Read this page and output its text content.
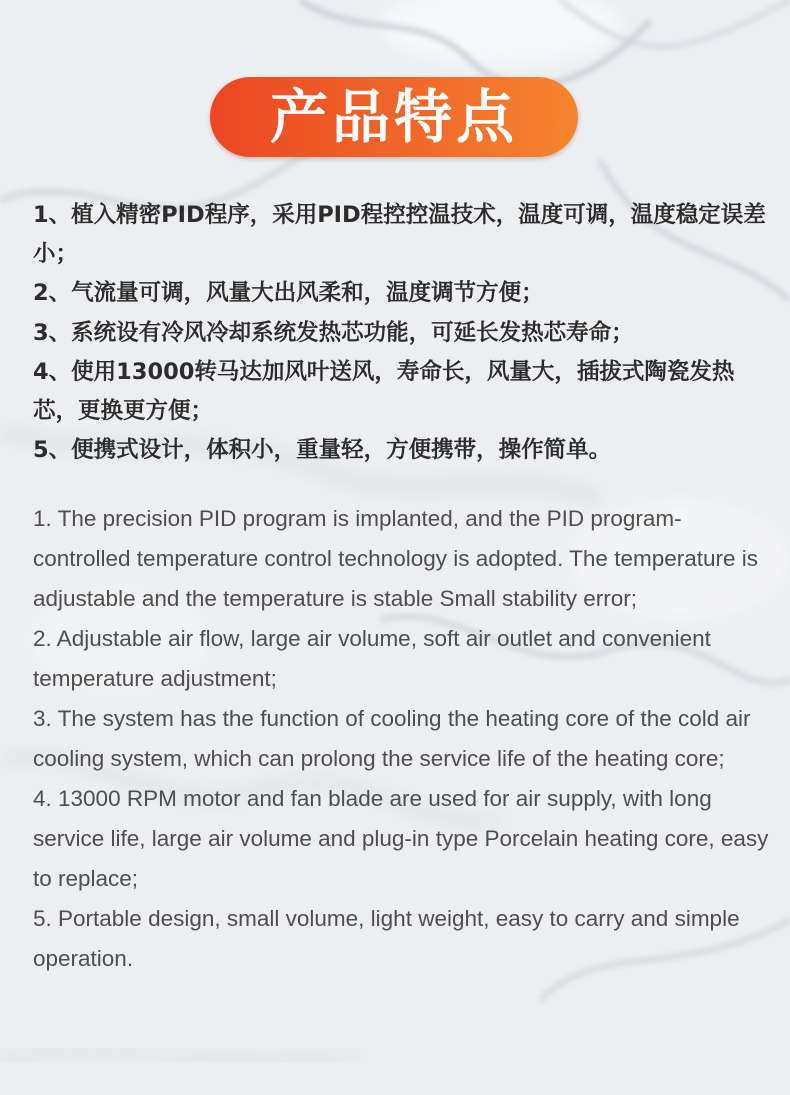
产品特点
1、植入精密PID程序，采用PID程控控温技术，温度可调，温度稳定误差小；
2、气流量可调，风量大出风柔和，温度调节方便；
3、系统设有冷风冷却系统发热芯功能，可延长发热芯寿命；
4、使用13000转马达加风叶送风，寿命长，风量大，插拔式陶瓷发热芯，更换更方便；
5、便携式设计，体积小，重量轻，方便携带，操作简单。
1. The precision PID program is implanted, and the PID program-controlled temperature control technology is adopted. The temperature is adjustable and the temperature is stable Small stability error;
2. Adjustable air flow, large air volume, soft air outlet and convenient temperature adjustment;
3. The system has the function of cooling the heating core of the cold air cooling system, which can prolong the service life of the heating core;
4. 13000 RPM motor and fan blade are used for air supply, with long service life, large air volume and plug-in type Porcelain heating core, easy to replace;
5. Portable design, small volume, light weight, easy to carry and simple operation.
